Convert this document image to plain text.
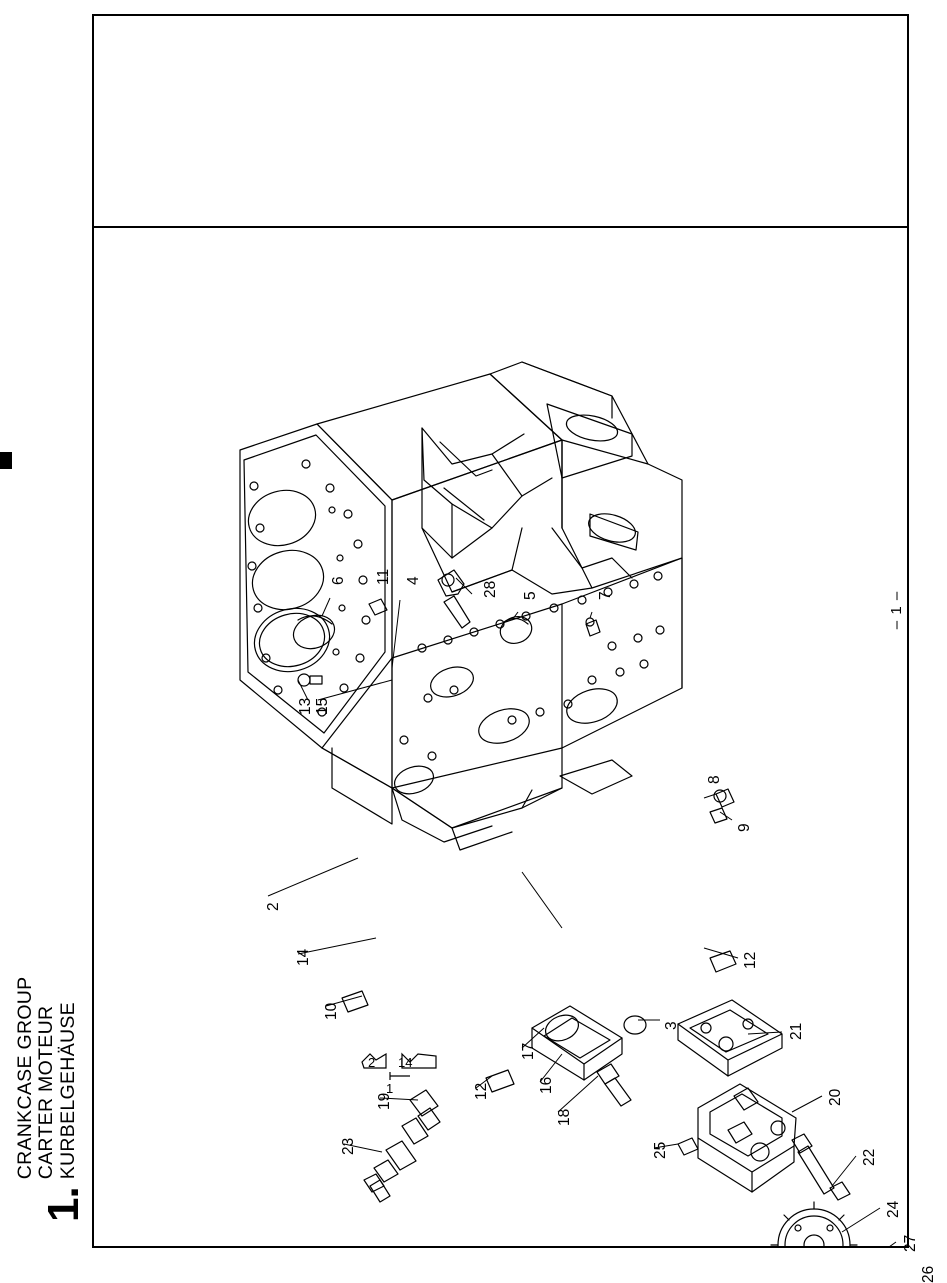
1.
CRANKCASE GROUP CARTER MOTEUR KURBELGEHÄUSE
– 1 –
6 11 4
28 5	7
13 15
8
9
2
14	12
10
3	21
17
16
12
18
19	20
25	22
23
24
27
26
2 14
1
